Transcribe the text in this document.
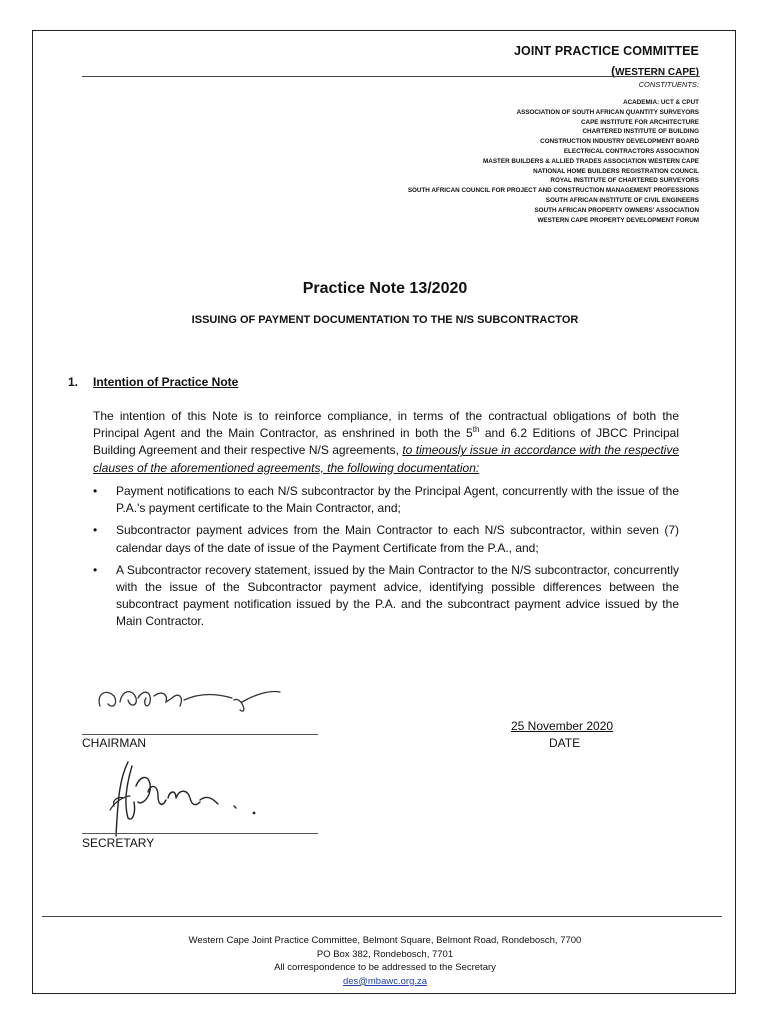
JOINT PRACTICE COMMITTEE
(WESTERN CAPE)
CONSTITUENTS:
ACADEMIA: UCT & CPUT
ASSOCIATION OF SOUTH AFRICAN QUANTITY SURVEYORS
CAPE INSTITUTE FOR ARCHITECTURE
CHARTERED INSTITUTE OF BUILDING
CONSTRUCTION INDUSTRY DEVELOPMENT BOARD
ELECTRICAL CONTRACTORS ASSOCIATION
MASTER BUILDERS & ALLIED TRADES ASSOCIATION WESTERN CAPE
NATIONAL HOME BUILDERS REGISTRATION COUNCIL
ROYAL INSTITUTE OF CHARTERED SURVEYORS
SOUTH AFRICAN COUNCIL FOR PROJECT AND CONSTRUCTION MANAGEMENT PROFESSIONS
SOUTH AFRICAN INSTITUTE OF CIVIL ENGINEERS
SOUTH AFRICAN PROPERTY OWNERS' ASSOCIATION
WESTERN CAPE PROPERTY DEVELOPMENT FORUM
Practice Note 13/2020
ISSUING OF PAYMENT DOCUMENTATION TO THE N/S SUBCONTRACTOR
1. Intention of Practice Note
The intention of this Note is to reinforce compliance, in terms of the contractual obligations of both the Principal Agent and the Main Contractor, as enshrined in both the 5th and 6.2 Editions of JBCC Principal Building Agreement and their respective N/S agreements, to timeously issue in accordance with the respective clauses of the aforementioned agreements, the following documentation:
• Payment notifications to each N/S subcontractor by the Principal Agent, concurrently with the issue of the P.A.'s payment certificate to the Main Contractor, and;
• Subcontractor payment advices from the Main Contractor to each N/S subcontractor, within seven (7) calendar days of the date of issue of the Payment Certificate from the P.A., and;
• A Subcontractor recovery statement, issued by the Main Contractor to the N/S subcontractor, concurrently with the issue of the Subcontractor payment advice, identifying possible differences between the subcontract payment notification issued by the P.A. and the subcontract payment advice issued by the Main Contractor.
CHAIRMAN
25 November 2020
DATE
SECRETARY
Western Cape Joint Practice Committee, Belmont Square, Belmont Road, Rondebosch, 7700
PO Box 382, Rondebosch, 7701
All correspondence to be addressed to the Secretary
des@mbawc.org.za
